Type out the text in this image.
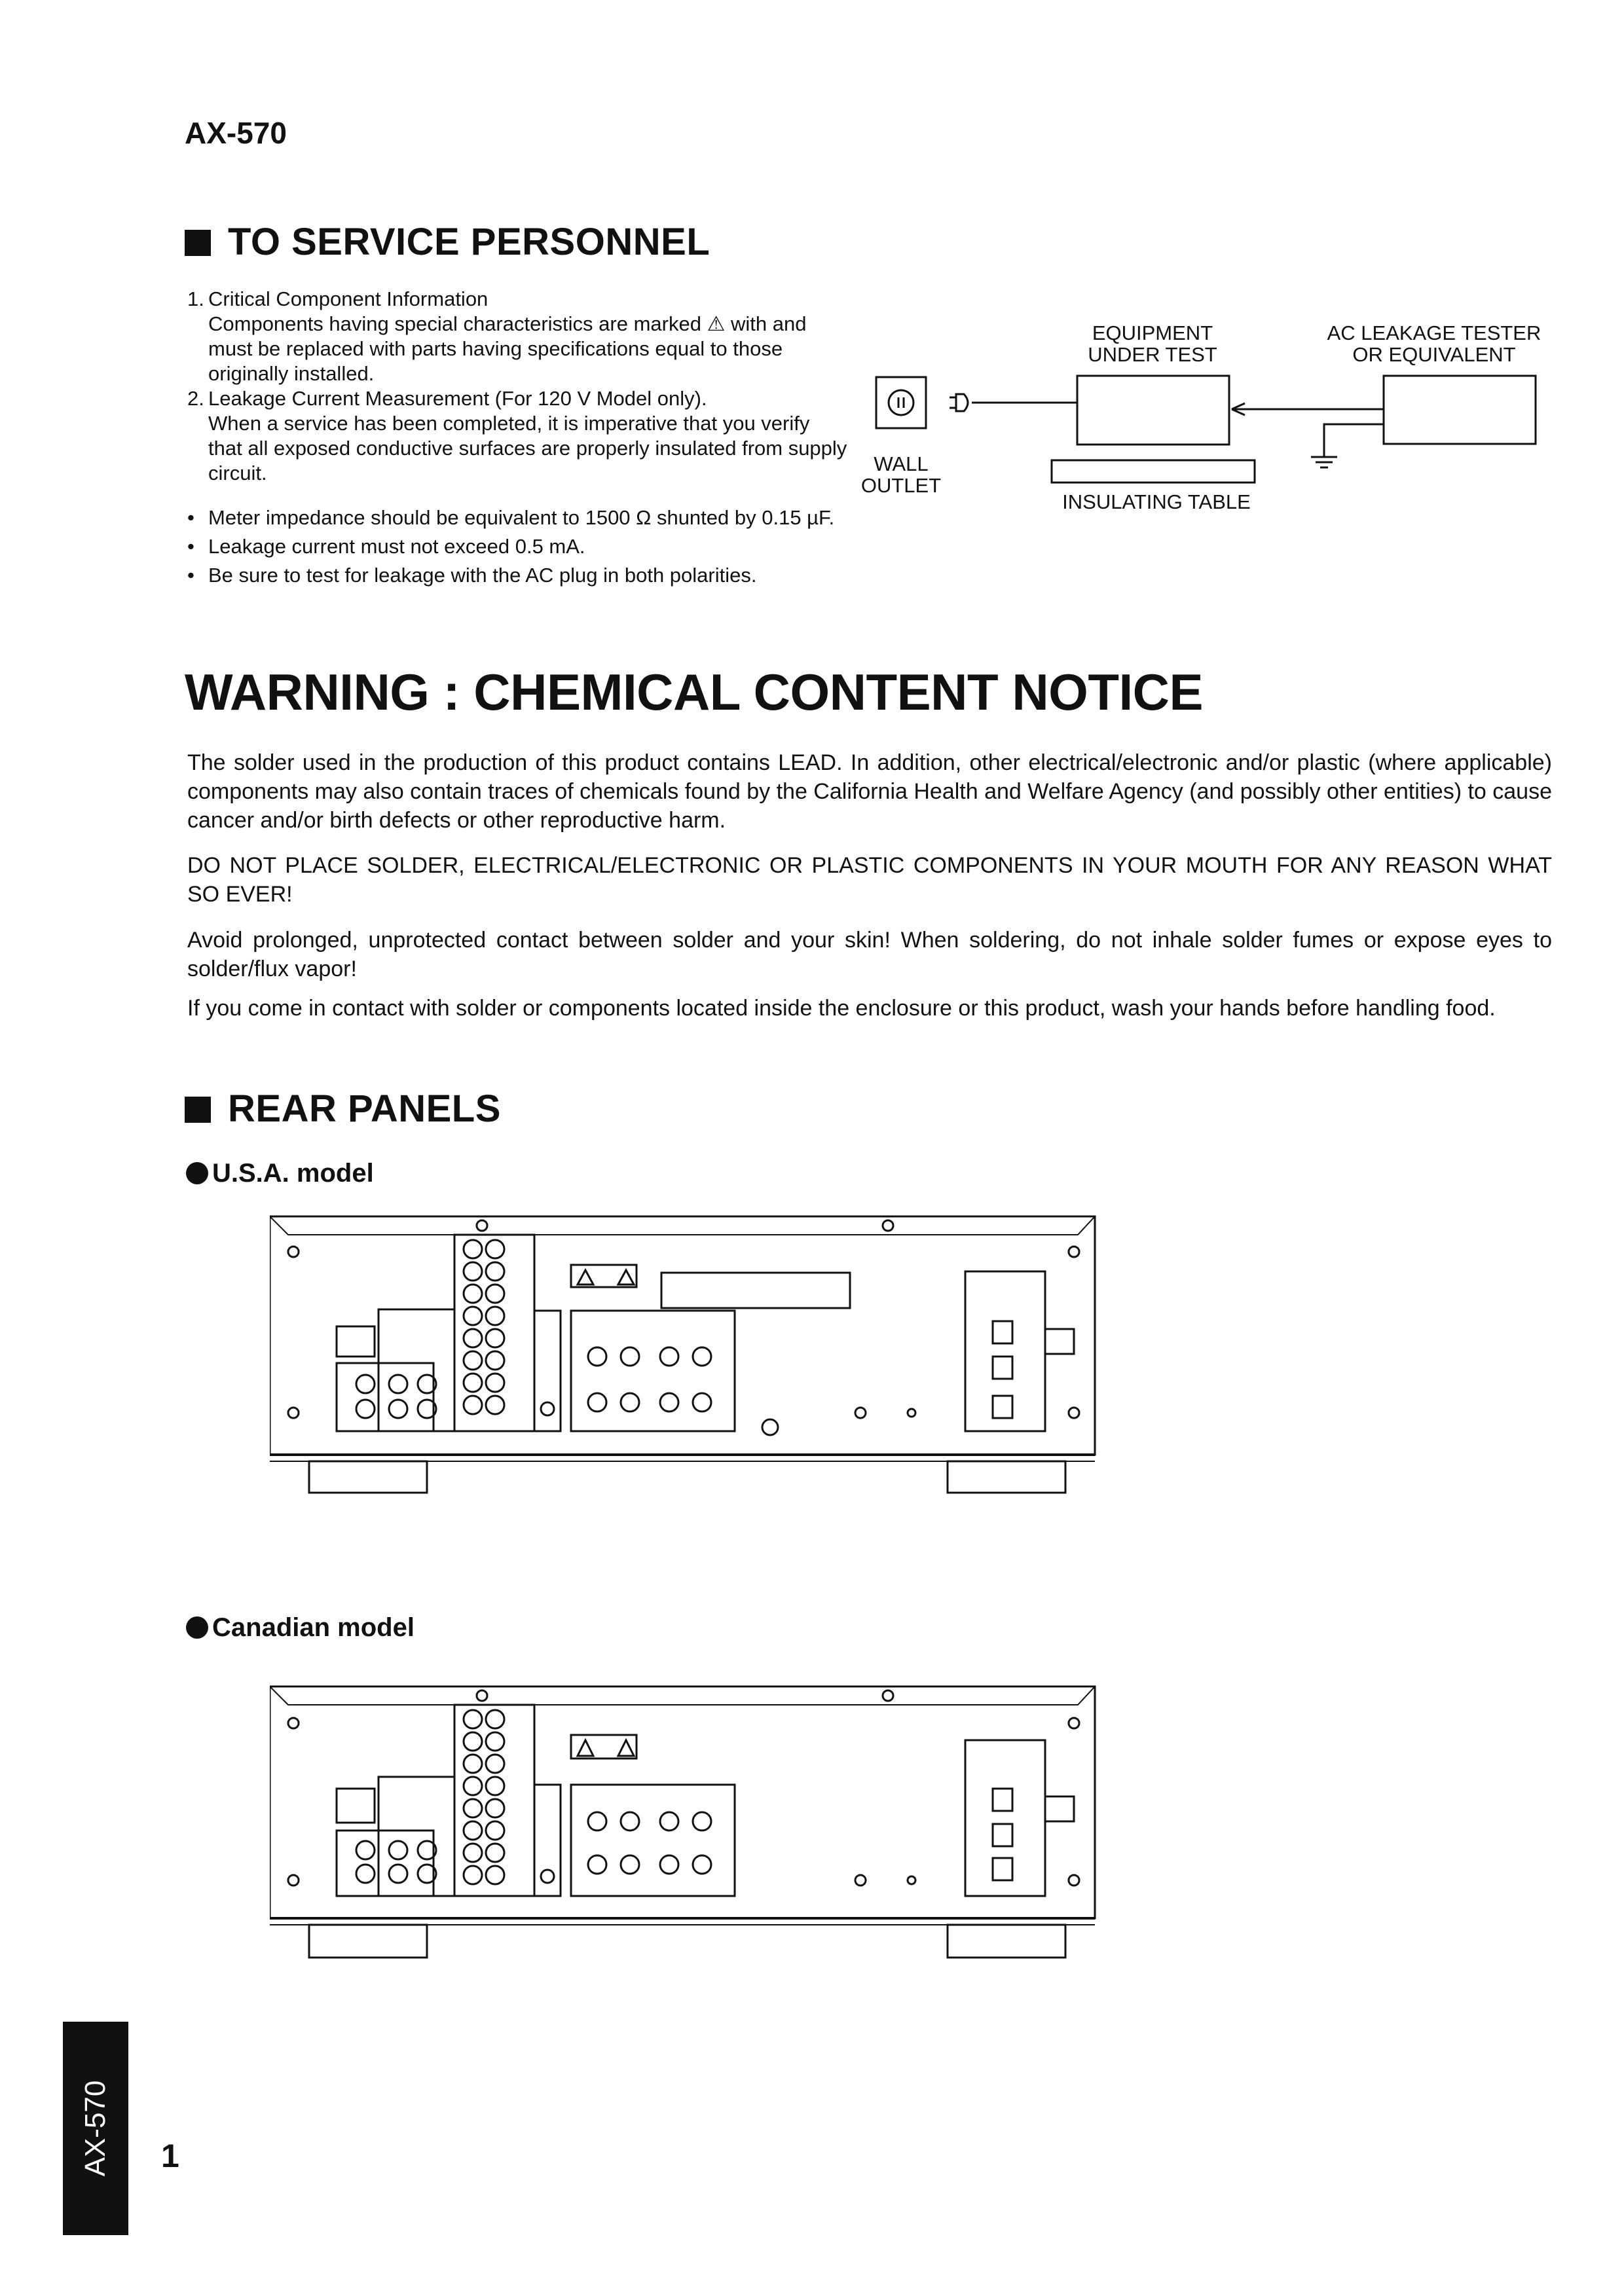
AX-570
TO SERVICE PERSONNEL
1. Critical Component Information
Components having special characteristics are marked ⚠ with and must be replaced with parts having specifications equal to those originally installed.
2. Leakage Current Measurement (For 120 V Model only).
When a service has been completed, it is imperative that you verify that all exposed conductive surfaces are properly insulated from supply circuit.
• Meter impedance should be equivalent to 1500 Ω shunted by 0.15 µF.
• Leakage current must not exceed 0.5 mA.
• Be sure to test for leakage with the AC plug in both polarities.
EQUIPMENT
UNDER TEST
AC LEAKAGE TESTER
OR EQUIVALENT
WALL
OUTLET
INSULATING TABLE
WARNING : CHEMICAL CONTENT NOTICE
The solder used in the production of this product contains LEAD. In addition, other electrical/electronic and/or plastic (where applicable) components may also contain traces of chemicals found by the California Health and Welfare Agency (and possibly other entities) to cause cancer and/or birth defects or other reproductive harm.
DO NOT PLACE SOLDER, ELECTRICAL/ELECTRONIC OR PLASTIC COMPONENTS IN YOUR MOUTH FOR ANY REASON WHAT SO EVER!
Avoid prolonged, unprotected contact between solder and your skin! When soldering, do not inhale solder fumes or expose eyes to solder/flux vapor!
If you come in contact with solder or components located inside the enclosure or this product, wash your hands before handling food.
REAR PANELS
U.S.A. model
Canadian model
AX-570 1
